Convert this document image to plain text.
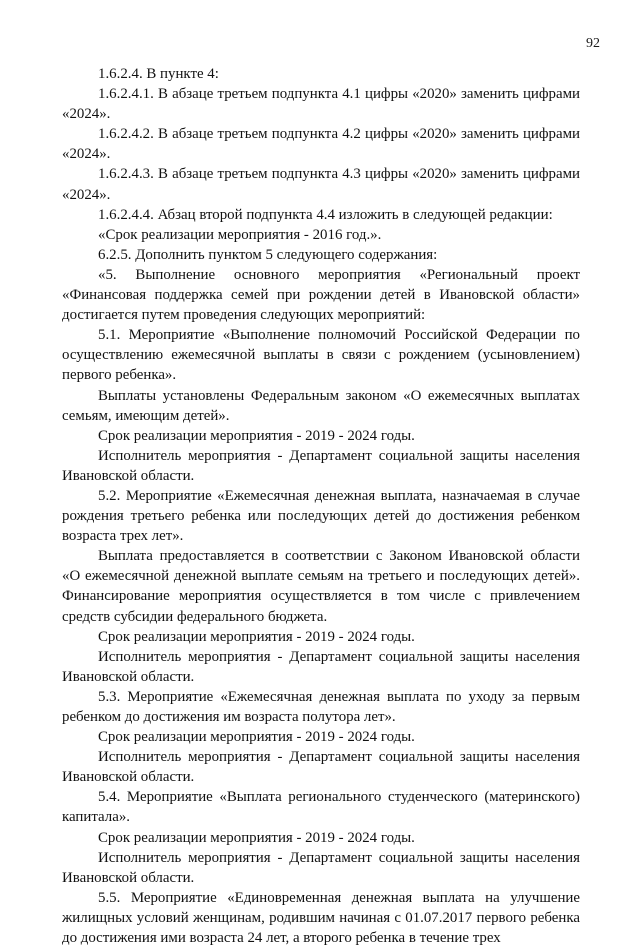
92

1.6.2.4. В пункте 4:

1.6.2.4.1. В абзаце третьем подпункта 4.1 цифры «2020» заменить цифрами «2024».

1.6.2.4.2. В абзаце третьем подпункта 4.2 цифры «2020» заменить цифрами «2024».

1.6.2.4.3. В абзаце третьем подпункта 4.3 цифры «2020» заменить цифрами «2024».

1.6.2.4.4. Абзац второй подпункта 4.4 изложить в следующей редакции:

«Срок реализации мероприятия - 2016 год.».

6.2.5. Дополнить пунктом 5 следующего содержания:

«5. Выполнение основного мероприятия «Региональный проект «Финансовая поддержка семей при рождении детей в Ивановской области» достигается путем проведения следующих мероприятий:

5.1. Мероприятие «Выполнение полномочий Российской Федерации по осуществлению ежемесячной выплаты в связи с рождением (усыновлением) первого ребенка».

Выплаты установлены Федеральным законом «О ежемесячных выплатах семьям, имеющим детей».

Срок реализации мероприятия - 2019 - 2024 годы.

Исполнитель мероприятия - Департамент социальной защиты населения Ивановской области.

5.2. Мероприятие «Ежемесячная денежная выплата, назначаемая в случае рождения третьего ребенка или последующих детей до достижения ребенком возраста трех лет».

Выплата предоставляется в соответствии с Законом Ивановской области «О ежемесячной денежной выплате семьям на третьего и последующих детей». Финансирование мероприятия осуществляется в том числе с привлечением средств субсидии федерального бюджета.

Срок реализации мероприятия - 2019 - 2024 годы.

Исполнитель мероприятия - Департамент социальной защиты населения Ивановской области.

5.3. Мероприятие «Ежемесячная денежная выплата по уходу за первым ребенком до достижения им возраста полутора лет».

Срок реализации мероприятия - 2019 - 2024 годы.

Исполнитель мероприятия - Департамент социальной защиты населения Ивановской области.

5.4. Мероприятие «Выплата регионального студенческого (материнского) капитала».

Срок реализации мероприятия - 2019 - 2024 годы.

Исполнитель мероприятия - Департамент социальной защиты населения Ивановской области.

5.5. Мероприятие «Единовременная денежная выплата на улучшение жилищных условий женщинам, родившим начиная с 01.07.2017 первого ребенка до достижения ими возраста 24 лет, а второго ребенка в течение трех
